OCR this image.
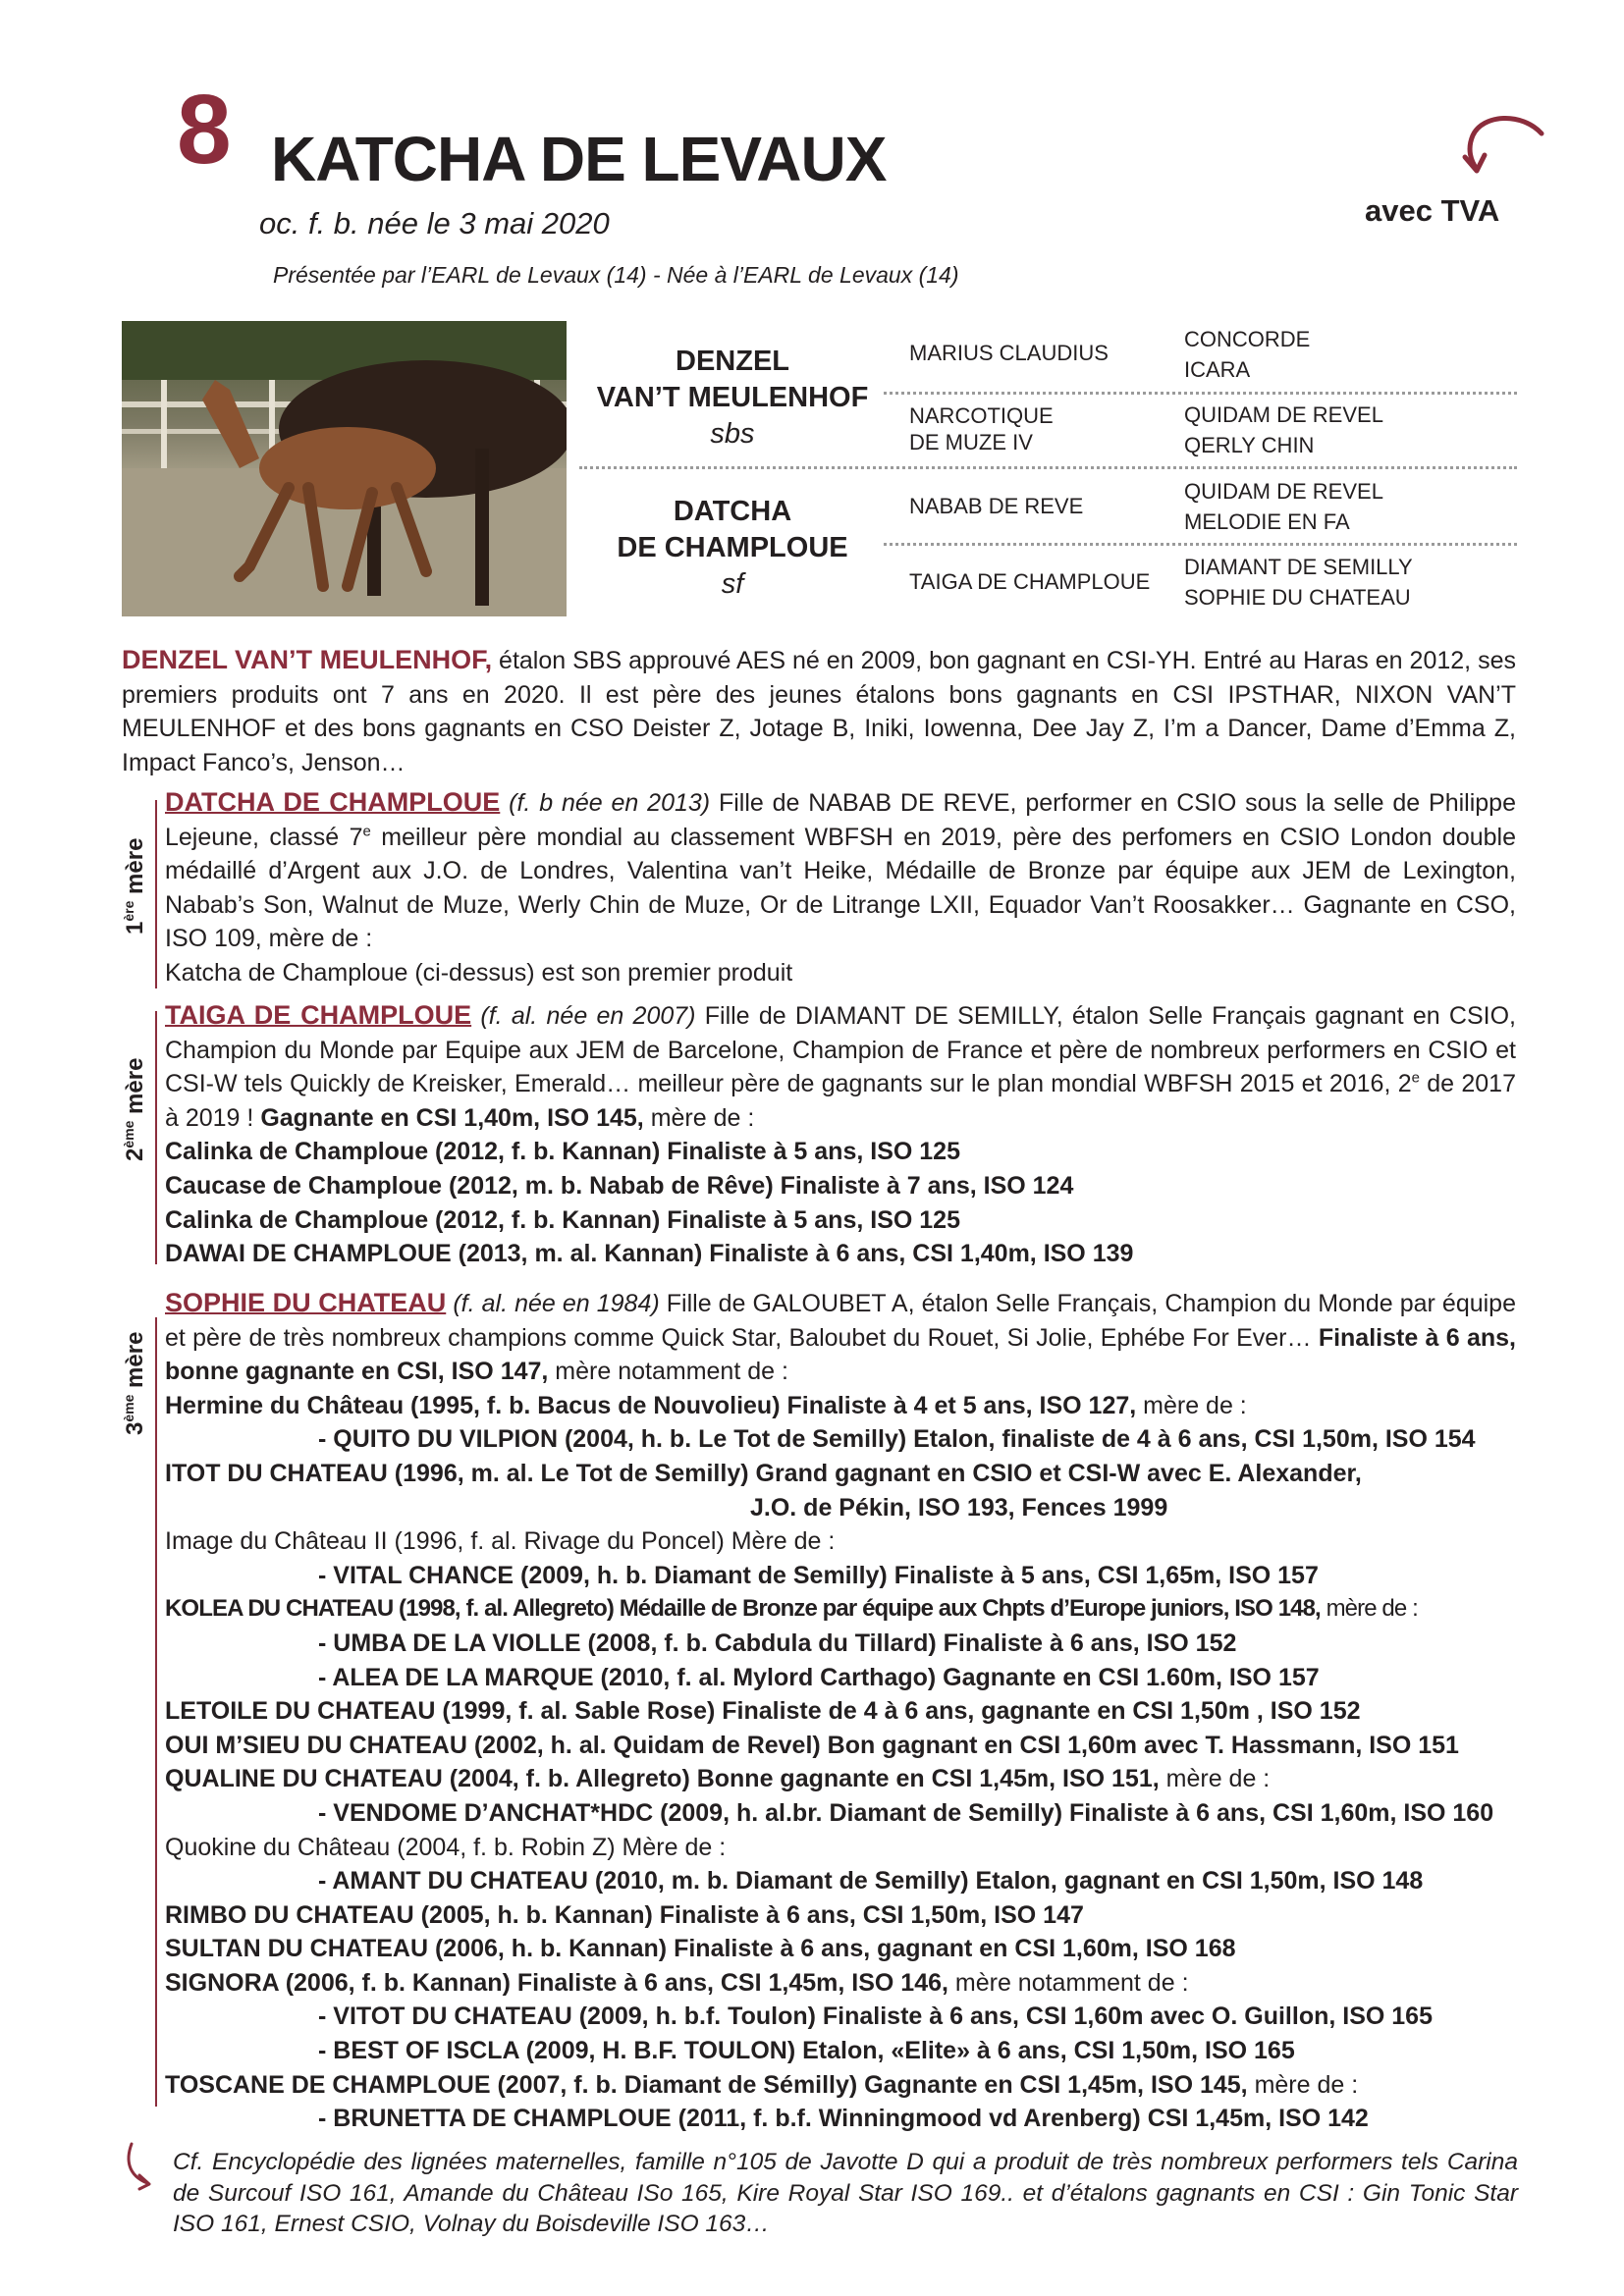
8 KATCHA DE LEVAUX
oc. f. b. née le 3 mai 2020
Présentée par l’EARL de Levaux (14) - Née à l’EARL de Levaux (14)
avec TVA
DENZEL
VAN’T MEULENHOF
sbs
DATCHA
DE CHAMPLOUE
sf
MARIUS CLAUDIUS
NARCOTIQUE
DE MUZE IV
NABAB DE REVE
TAIGA DE CHAMPLOUE
CONCORDE
ICARA
QUIDAM DE REVEL
QERLY CHIN
QUIDAM DE REVEL
MELODIE EN FA
DIAMANT DE SEMILLY
SOPHIE DU CHATEAU
DENZEL VAN’T MEULENHOF, étalon SBS approuvé AES né en 2009, bon gagnant en CSI-YH. Entré au Haras en 2012, ses premiers produits ont 7 ans en 2020. Il est père des jeunes étalons bons gagnants en CSI IPSTHAR, NIXON VAN’T MEULENHOF et des bons gagnants en CSO Deister Z, Jotage B, Iniki, Iowenna, Dee Jay Z, I’m a Dancer, Dame d’Emma Z, Impact Fanco’s, Jenson…
1ère mère

DATCHA DE CHAMPLOUE (f. b née en 2013) Fille de NABAB DE REVE, performer en CSIO sous la selle de Philippe Lejeune, classé 7e meilleur père mondial au classement WBFSH en 2019, père des perfomers en CSIO London double médaillé d’Argent aux J.O. de Londres, Valentina van’t Heike, Médaille de Bronze par équipe aux JEM de Lexington, Nabab’s Son, Walnut de Muze, Werly Chin de Muze, Or de Litrange LXII, Equador Van’t Roosakker… Gagnante en CSO, ISO 109, mère de :

Katcha de Champloue (ci-dessus) est son premier produit

2ème mère

TAIGA DE CHAMPLOUE (f. al. née en 2007) Fille de DIAMANT DE SEMILLY, étalon Selle Français gagnant en CSIO, Champion du Monde par Equipe aux JEM de Barcelone, Champion de France et père de nombreux performers en CSIO et CSI-W tels Quickly de Kreisker, Emerald… meilleur père de gagnants sur le plan mondial WBFSH 2015 et 2016, 2e de 2017 à 2019 ! Gagnante en CSI 1,40m, ISO 145, mère de :

Calinka de Champloue (2012, f. b. Kannan) Finaliste à 5 ans, ISO 125

Caucase de Champloue (2012, m. b. Nabab de Rêve) Finaliste à 7 ans, ISO 124

Calinka de Champloue (2012, f. b. Kannan) Finaliste à 5 ans, ISO 125

DAWAI DE CHAMPLOUE (2013, m. al. Kannan) Finaliste à 6 ans, CSI 1,40m, ISO 139

3ème mère

SOPHIE DU CHATEAU (f. al. née en 1984) Fille de GALOUBET A, étalon Selle Français, Champion du Monde par équipe et père de très nombreux champions comme Quick Star, Baloubet du Rouet, Si Jolie, Ephébe For Ever… Finaliste à 6 ans, bonne gagnante en CSI, ISO 147, mère notamment de :

Hermine du Château (1995, f. b. Bacus de Nouvolieu) Finaliste à 4 et 5 ans, ISO 127, mère de :

- QUITO DU VILPION (2004, h. b. Le Tot de Semilly) Etalon, finaliste de 4 à 6 ans, CSI 1,50m, ISO 154

ITOT DU CHATEAU (1996, m. al. Le Tot de Semilly) Grand gagnant en CSIO et CSI-W avec E. Alexander,

J.O. de Pékin, ISO 193, Fences 1999

Image du Château II (1996, f. al. Rivage du Poncel) Mère de :

- VITAL CHANCE (2009, h. b. Diamant de Semilly) Finaliste à 5 ans, CSI 1,65m, ISO 157

KOLEA DU CHATEAU (1998, f. al. Allegreto) Médaille de Bronze par équipe aux Chpts d’Europe juniors, ISO 148, mère de :

- UMBA DE LA VIOLLE (2008, f. b. Cabdula du Tillard) Finaliste à 6 ans, ISO 152

- ALEA DE LA MARQUE (2010, f. al. Mylord Carthago) Gagnante en CSI 1.60m, ISO 157

LETOILE DU CHATEAU (1999, f. al. Sable Rose) Finaliste de 4 à 6 ans, gagnante en CSI 1,50m , ISO 152

OUI M’SIEU DU CHATEAU (2002, h. al. Quidam de Revel) Bon gagnant en CSI 1,60m avec T. Hassmann, ISO 151

QUALINE DU CHATEAU (2004, f. b. Allegreto) Bonne gagnante en CSI 1,45m, ISO 151, mère de :

- VENDOME D’ANCHAT*HDC (2009, h. al.br. Diamant de Semilly) Finaliste à 6 ans, CSI 1,60m, ISO 160

Quokine du Château (2004, f. b. Robin Z) Mère de :

- AMANT DU CHATEAU (2010, m. b. Diamant de Semilly) Etalon, gagnant en CSI 1,50m, ISO 148

RIMBO DU CHATEAU (2005, h. b. Kannan) Finaliste à 6 ans, CSI 1,50m, ISO 147

SULTAN DU CHATEAU (2006, h. b. Kannan) Finaliste à 6 ans, gagnant en CSI 1,60m, ISO 168

SIGNORA (2006, f. b. Kannan) Finaliste à 6 ans, CSI 1,45m, ISO 146, mère notamment de :

- VITOT DU CHATEAU (2009, h. b.f. Toulon) Finaliste à 6 ans, CSI 1,60m avec O. Guillon, ISO 165

- BEST OF ISCLA (2009, H. B.F. TOULON) Etalon, «Elite» à 6 ans, CSI 1,50m, ISO 165

TOSCANE DE CHAMPLOUE (2007, f. b. Diamant de Sémilly) Gagnante en CSI 1,45m, ISO 145, mère de :

- BRUNETTA DE CHAMPLOUE (2011, f. b.f. Winningmood vd Arenberg) CSI 1,45m, ISO 142

Cf. Encyclopédie des lignées maternelles, famille n°105 de Javotte D qui a produit de très nombreux performers tels Carina de Surcouf ISO 161, Amande du Château ISo 165, Kire Royal Star ISO 169.. et d’étalons gagnants en CSI : Gin Tonic Star ISO 161, Ernest CSIO, Volnay du Boisdeville ISO 163…
